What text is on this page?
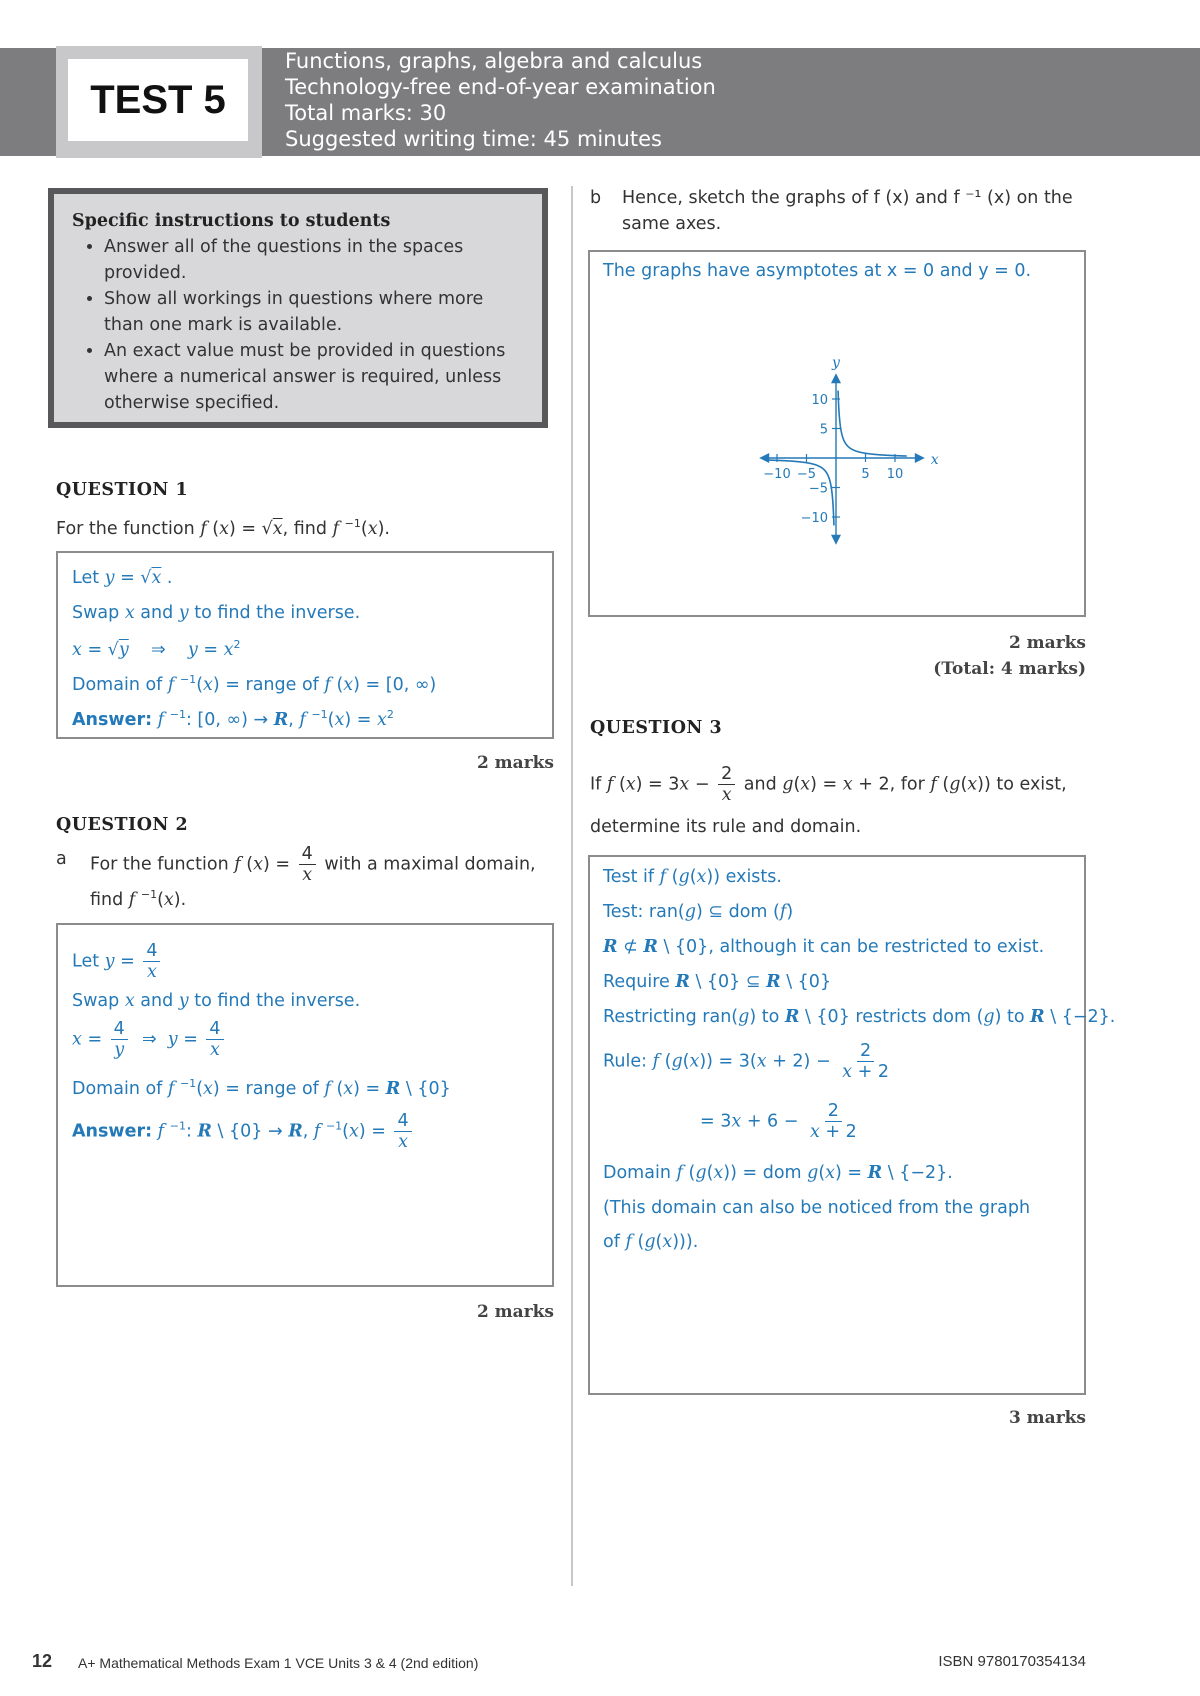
TEST 5
Functions, graphs, algebra and calculus
Technology-free end-of-year examination
Total marks: 30
Suggested writing time: 45 minutes
Specific instructions to students
• Answer all of the questions in the spaces provided.
• Show all workings in questions where more than one mark is available.
• An exact value must be provided in questions where a numerical answer is required, unless otherwise specified.
QUESTION 1
For the function f (x) = √x, find f $^{-1}$(x).
Let y = √x .
Swap x and y to find the inverse.
x = √y    ⇒    $y = x^2$
Domain of f $^{-1}$(x) = range of f (x) = [0, ∞)
Answer: f $^{-1}$: [0, ∞) → R, f $^{-1}(x) = x^2$
2 marks
QUESTION 2
a For the function f $(x) = \frac{4}{x}$ with a maximal domain,
find f $^{-1}$(x).
Let $y = \frac{4}{x}$
Swap x and y to find the inverse.
$x = \frac{4}{y}$ ⇒  $y = \frac{4}{x}$
Domain of f $^{-1}$(x) = range of f (x) = R \ {0}
Answer: f $^{-1}$: R \ {0} → R, f $^{-1}(x) = \frac{4}{x}$
2 marks
b Hence, sketch the graphs of f (x) and f ⁻¹ (x) on the
same axes.
The graphs have asymptotes at x = 0 and y = 0.
x
y
−10 −5	5 10
10
5
−5
−10
2 marks
(Total: 4 marks)
QUESTION 3
If f $(x) = 3x - \frac{2}{x}$ and g(x) = x + 2, for f (g(x)) to exist,
determine its rule and domain.
Test if f (g(x)) exists.
Test: ran(g) ⊆ dom (f)
R ⊄ R \ {0}, although it can be restricted to exist.
Require R \ {0} ⊆ R \ {0}
Restricting ran(g) to R \ {0} restricts dom (g) to R \ {−2}.
Rule: f $(g(x)) = 3(x + 2) - \frac{2}{x + 2}$
= $3x + 6 - \frac{2}{x + 2}$
Domain f (g(x)) = dom g(x) = R \ {−2}.
(This domain can also be noticed from the graph
of f (g(x))).
3 marks
12 A+ Mathematical Methods Exam 1 VCE Units 3 & 4 (2nd edition)	ISBN 9780170354134
